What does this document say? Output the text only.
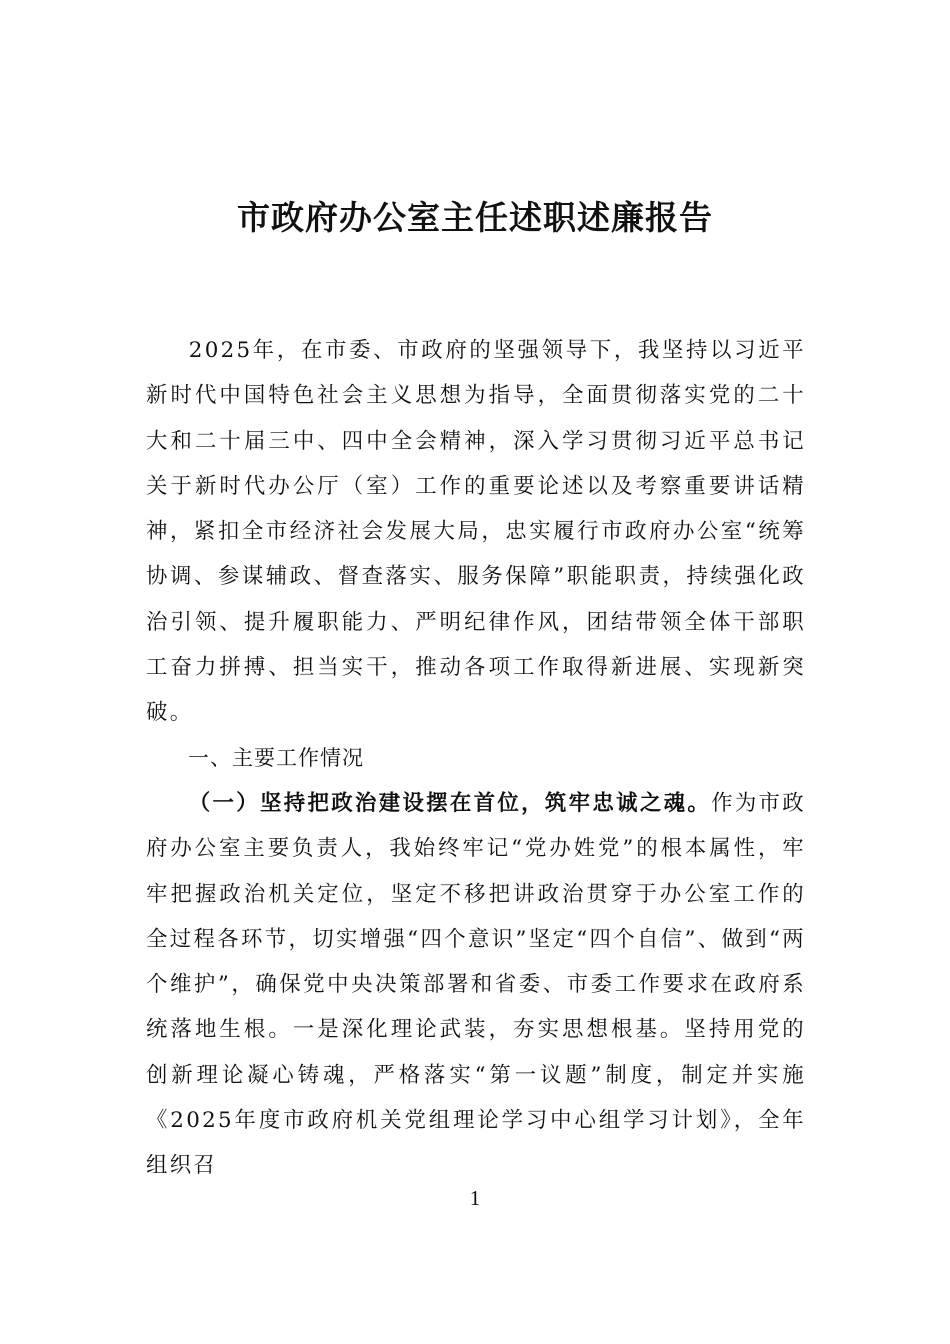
市政府办公室主任述职述廉报告

2025年，在市委、市政府的坚强领导下，我坚持以习近平新时代中国特色社会主义思想为指导，全面贯彻落实党的二十大和二十届三中、四中全会精神，深入学习贯彻习近平总书记关于新时代办公厅（室）工作的重要论述以及考察重要讲话精神，紧扣全市经济社会发展大局，忠实履行市政府办公室“统筹协调、参谋辅政、督查落实、服务保障”职能职责，持续强化政治引领、提升履职能力、严明纪律作风，团结带领全体干部职工奋力拼搏、担当实干，推动各项工作取得新进展、实现新突破。

一、主要工作情况

（一）坚持把政治建设摆在首位，筑牢忠诚之魂。作为市政府办公室主要负责人，我始终牢记“党办姓党”的根本属性，牢牢把握政治机关定位，坚定不移把讲政治贯穿于办公室工作的全过程各环节，切实增强“四个意识”坚定“四个自信”、做到“两个维护”，确保党中央决策部署和省委、市委工作要求在政府系统落地生根。一是深化理论武装，夯实思想根基。坚持用党的创新理论凝心铸魂，严格落实“第一议题”制度，制定并实施《2025年度市政府机关党组理论学习中心组学习计划》，全年组织召

1
